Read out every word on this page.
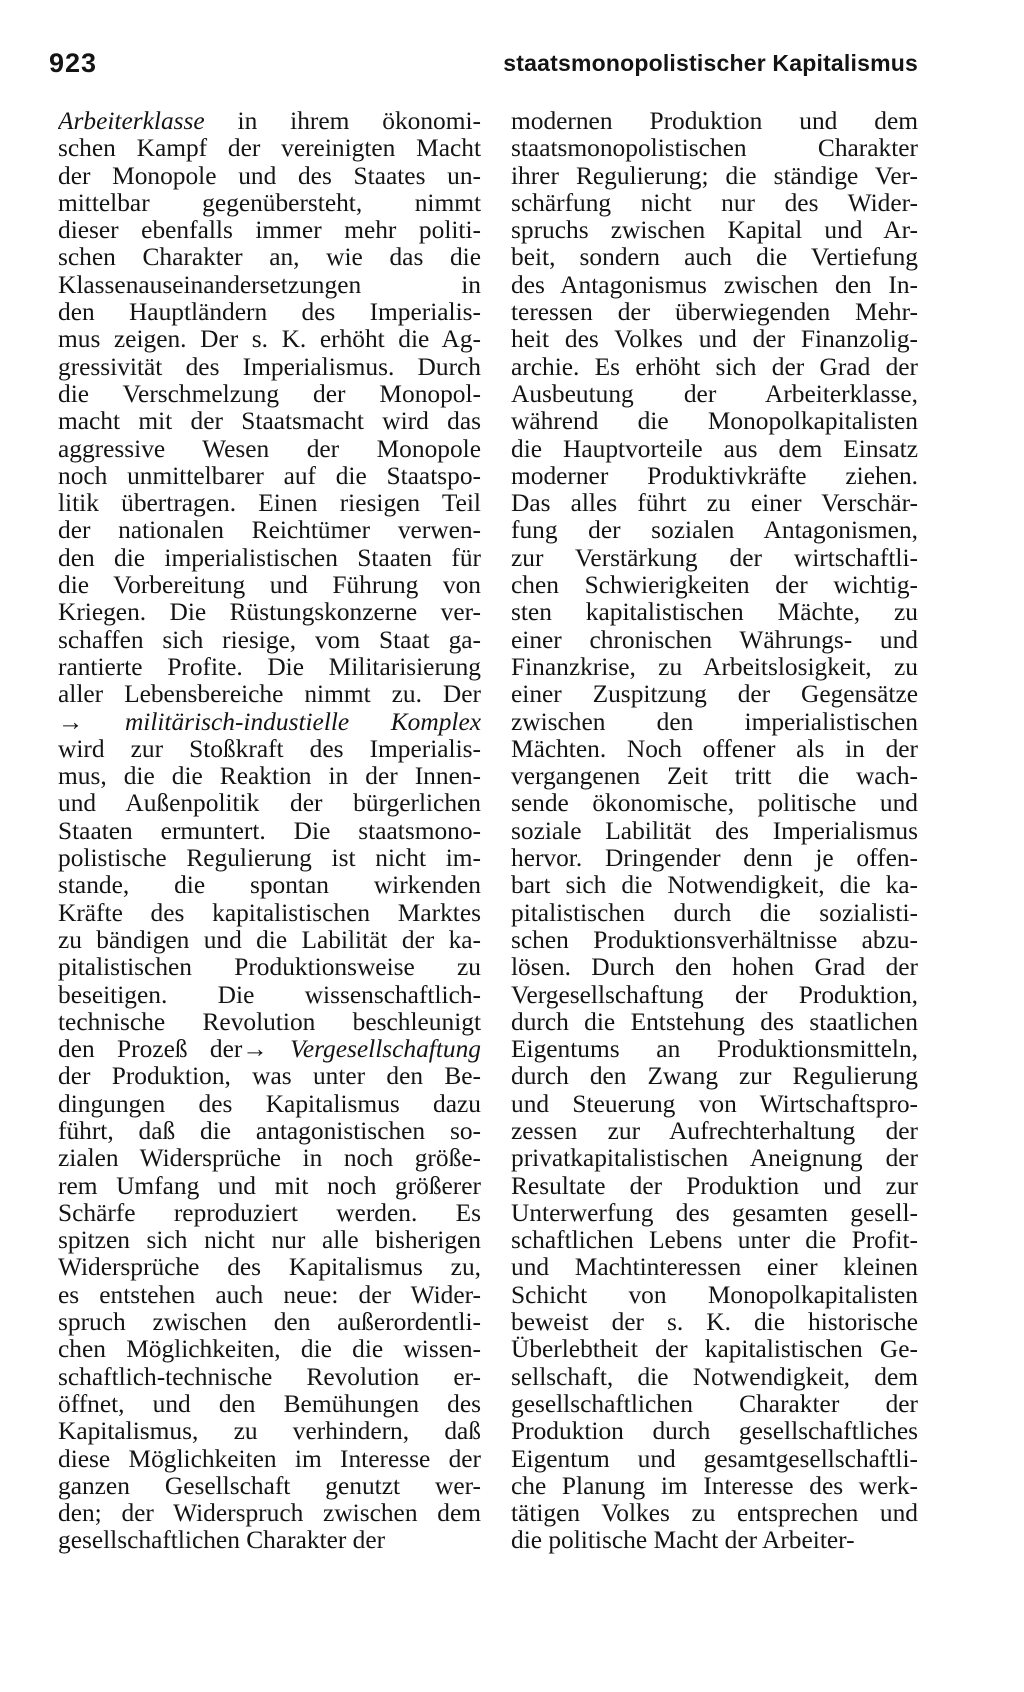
923	staatsmonopolistischer Kapitalismus
Arbeiterklasse in ihrem ökonomi-
schen Kampf der vereinigten Macht
der Monopole und des Staates un-
mittelbar gegenübersteht, nimmt
dieser ebenfalls immer mehr politi-
schen Charakter an, wie das die
Klassenauseinandersetzungen in
den Hauptländern des Imperialis-
mus zeigen. Der s. K. erhöht die Ag-
gressivität des Imperialismus. Durch
die Verschmelzung der Monopol-
macht mit der Staatsmacht wird das
aggressive Wesen der Monopole
noch unmittelbarer auf die Staatspo-
litik übertragen. Einen riesigen Teil
der nationalen Reichtümer verwen-
den die imperialistischen Staaten für
die Vorbereitung und Führung von
Kriegen. Die Rüstungskonzerne ver-
schaffen sich riesige, vom Staat ga-
rantierte Profite. Die Militarisierung
aller Lebensbereiche nimmt zu. Der
→ militärisch-industielle Komplex
wird zur Stoßkraft des Imperialis-
mus, die die Reaktion in der Innen-
und Außenpolitik der bürgerlichen
Staaten ermuntert. Die staatsmono-
polistische Regulierung ist nicht im-
stande, die spontan wirkenden
Kräfte des kapitalistischen Marktes
zu bändigen und die Labilität der ka-
pitalistischen Produktionsweise zu
beseitigen. Die wissenschaftlich-
technische Revolution beschleunigt
den Prozeß der→ Vergesellschaftung
der Produktion, was unter den Be-
dingungen des Kapitalismus dazu
führt, daß die antagonistischen so-
zialen Widersprüche in noch größe-
rem Umfang und mit noch größerer
Schärfe reproduziert werden. Es
spitzen sich nicht nur alle bisherigen
Widersprüche des Kapitalismus zu,
es entstehen auch neue: der Wider-
spruch zwischen den außerordentli-
chen Möglichkeiten, die die wissen-
schaftlich-technische Revolution er-
öffnet, und den Bemühungen des
Kapitalismus, zu verhindern, daß
diese Möglichkeiten im Interesse der
ganzen Gesellschaft genutzt wer-
den; der Widerspruch zwischen dem
gesellschaftlichen Charakter der
modernen Produktion und dem
staatsmonopolistischen Charakter
ihrer Regulierung; die ständige Ver-
schärfung nicht nur des Wider-
spruchs zwischen Kapital und Ar-
beit, sondern auch die Vertiefung
des Antagonismus zwischen den In-
teressen der überwiegenden Mehr-
heit des Volkes und der Finanzolig-
archie. Es erhöht sich der Grad der
Ausbeutung der Arbeiterklasse,
während die Monopolkapitalisten
die Hauptvorteile aus dem Einsatz
moderner Produktivkräfte ziehen.
Das alles führt zu einer Verschär-
fung der sozialen Antagonismen,
zur Verstärkung der wirtschaftli-
chen Schwierigkeiten der wichtig-
sten kapitalistischen Mächte, zu
einer chronischen Währungs- und
Finanzkrise, zu Arbeitslosigkeit, zu
einer Zuspitzung der Gegensätze
zwischen den imperialistischen
Mächten. Noch offener als in der
vergangenen Zeit tritt die wach-
sende ökonomische, politische und
soziale Labilität des Imperialismus
hervor. Dringender denn je offen-
bart sich die Notwendigkeit, die ka-
pitalistischen durch die sozialisti-
schen Produktionsverhältnisse abzu-
lösen. Durch den hohen Grad der
Vergesellschaftung der Produktion,
durch die Entstehung des staatlichen
Eigentums an Produktionsmitteln,
durch den Zwang zur Regulierung
und Steuerung von Wirtschaftspro-
zessen zur Aufrechterhaltung der
privatkapitalistischen Aneignung der
Resultate der Produktion und zur
Unterwerfung des gesamten gesell-
schaftlichen Lebens unter die Profit-
und Machtinteressen einer kleinen
Schicht von Monopolkapitalisten
beweist der s. K. die historische
Überlebtheit der kapitalistischen Ge-
sellschaft, die Notwendigkeit, dem
gesellschaftlichen Charakter der
Produktion durch gesellschaftliches
Eigentum und gesamtgesellschaftli-
che Planung im Interesse des werk-
tätigen Volkes zu entsprechen und
die politische Macht der Arbeiter-
